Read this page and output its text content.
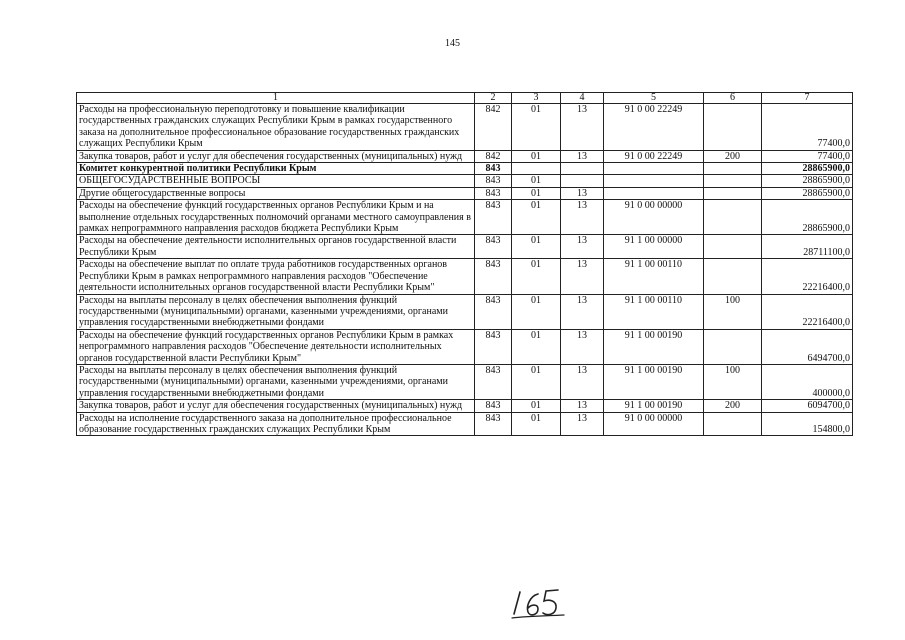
145
1	2	3	4	5	6	7
Расходы на профессиональную переподготовку и повышение квалификации государственных гражданских служащих Республики Крым в рамках государственного заказа на дополнительное профессиональное образование государственных гражданских служащих Республики Крым	842	01	13	91 0 00 22249		77400,0
Закупка товаров, работ и услуг для обеспечения государственных (муниципальных) нужд	842	01	13	91 0 00 22249	200	77400,0
Комитет конкурентной политики Республики Крым	843					28865900,0
ОБЩЕГОСУДАРСТВЕННЫЕ ВОПРОСЫ	843	01				28865900,0
Другие общегосударственные вопросы	843	01	13			28865900,0
Расходы на обеспечение функций государственных органов Республики Крым и на выполнение отдельных государственных полномочий органами местного самоуправления в рамках непрограммного направления расходов бюджета Республики Крым	843	01	13	91 0 00 00000		28865900,0
Расходы на обеспечение деятельности исполнительных органов государственной власти Республики Крым	843	01	13	91 1 00 00000		28711100,0
Расходы на обеспечение выплат по оплате труда работников государственных органов Республики Крым в рамках непрограммного направления расходов "Обеспечение деятельности исполнительных органов государственной власти Республики Крым"	843	01	13	91 1 00 00110		22216400,0
Расходы на выплаты персоналу в целях обеспечения выполнения функций государственными (муниципальными) органами, казенными учреждениями, органами управления государственными внебюджетными фондами	843	01	13	91 1 00 00110	100	22216400,0
Расходы на обеспечение функций государственных органов Республики Крым в рамках непрограммного направления расходов "Обеспечение деятельности исполнительных органов государственной власти Республики Крым"	843	01	13	91 1 00 00190		6494700,0
Расходы на выплаты персоналу в целях обеспечения выполнения функций государственными (муниципальными) органами, казенными учреждениями, органами управления государственными внебюджетными фондами	843	01	13	91 1 00 00190	100	400000,0
Закупка товаров, работ и услуг для обеспечения государственных (муниципальных) нужд	843	01	13	91 1 00 00190	200	6094700,0
Расходы на исполнение государственного заказа на дополнительное профессиональное образование государственных гражданских служащих Республики Крым	843	01	13	91 0 00 00000		154800,0
